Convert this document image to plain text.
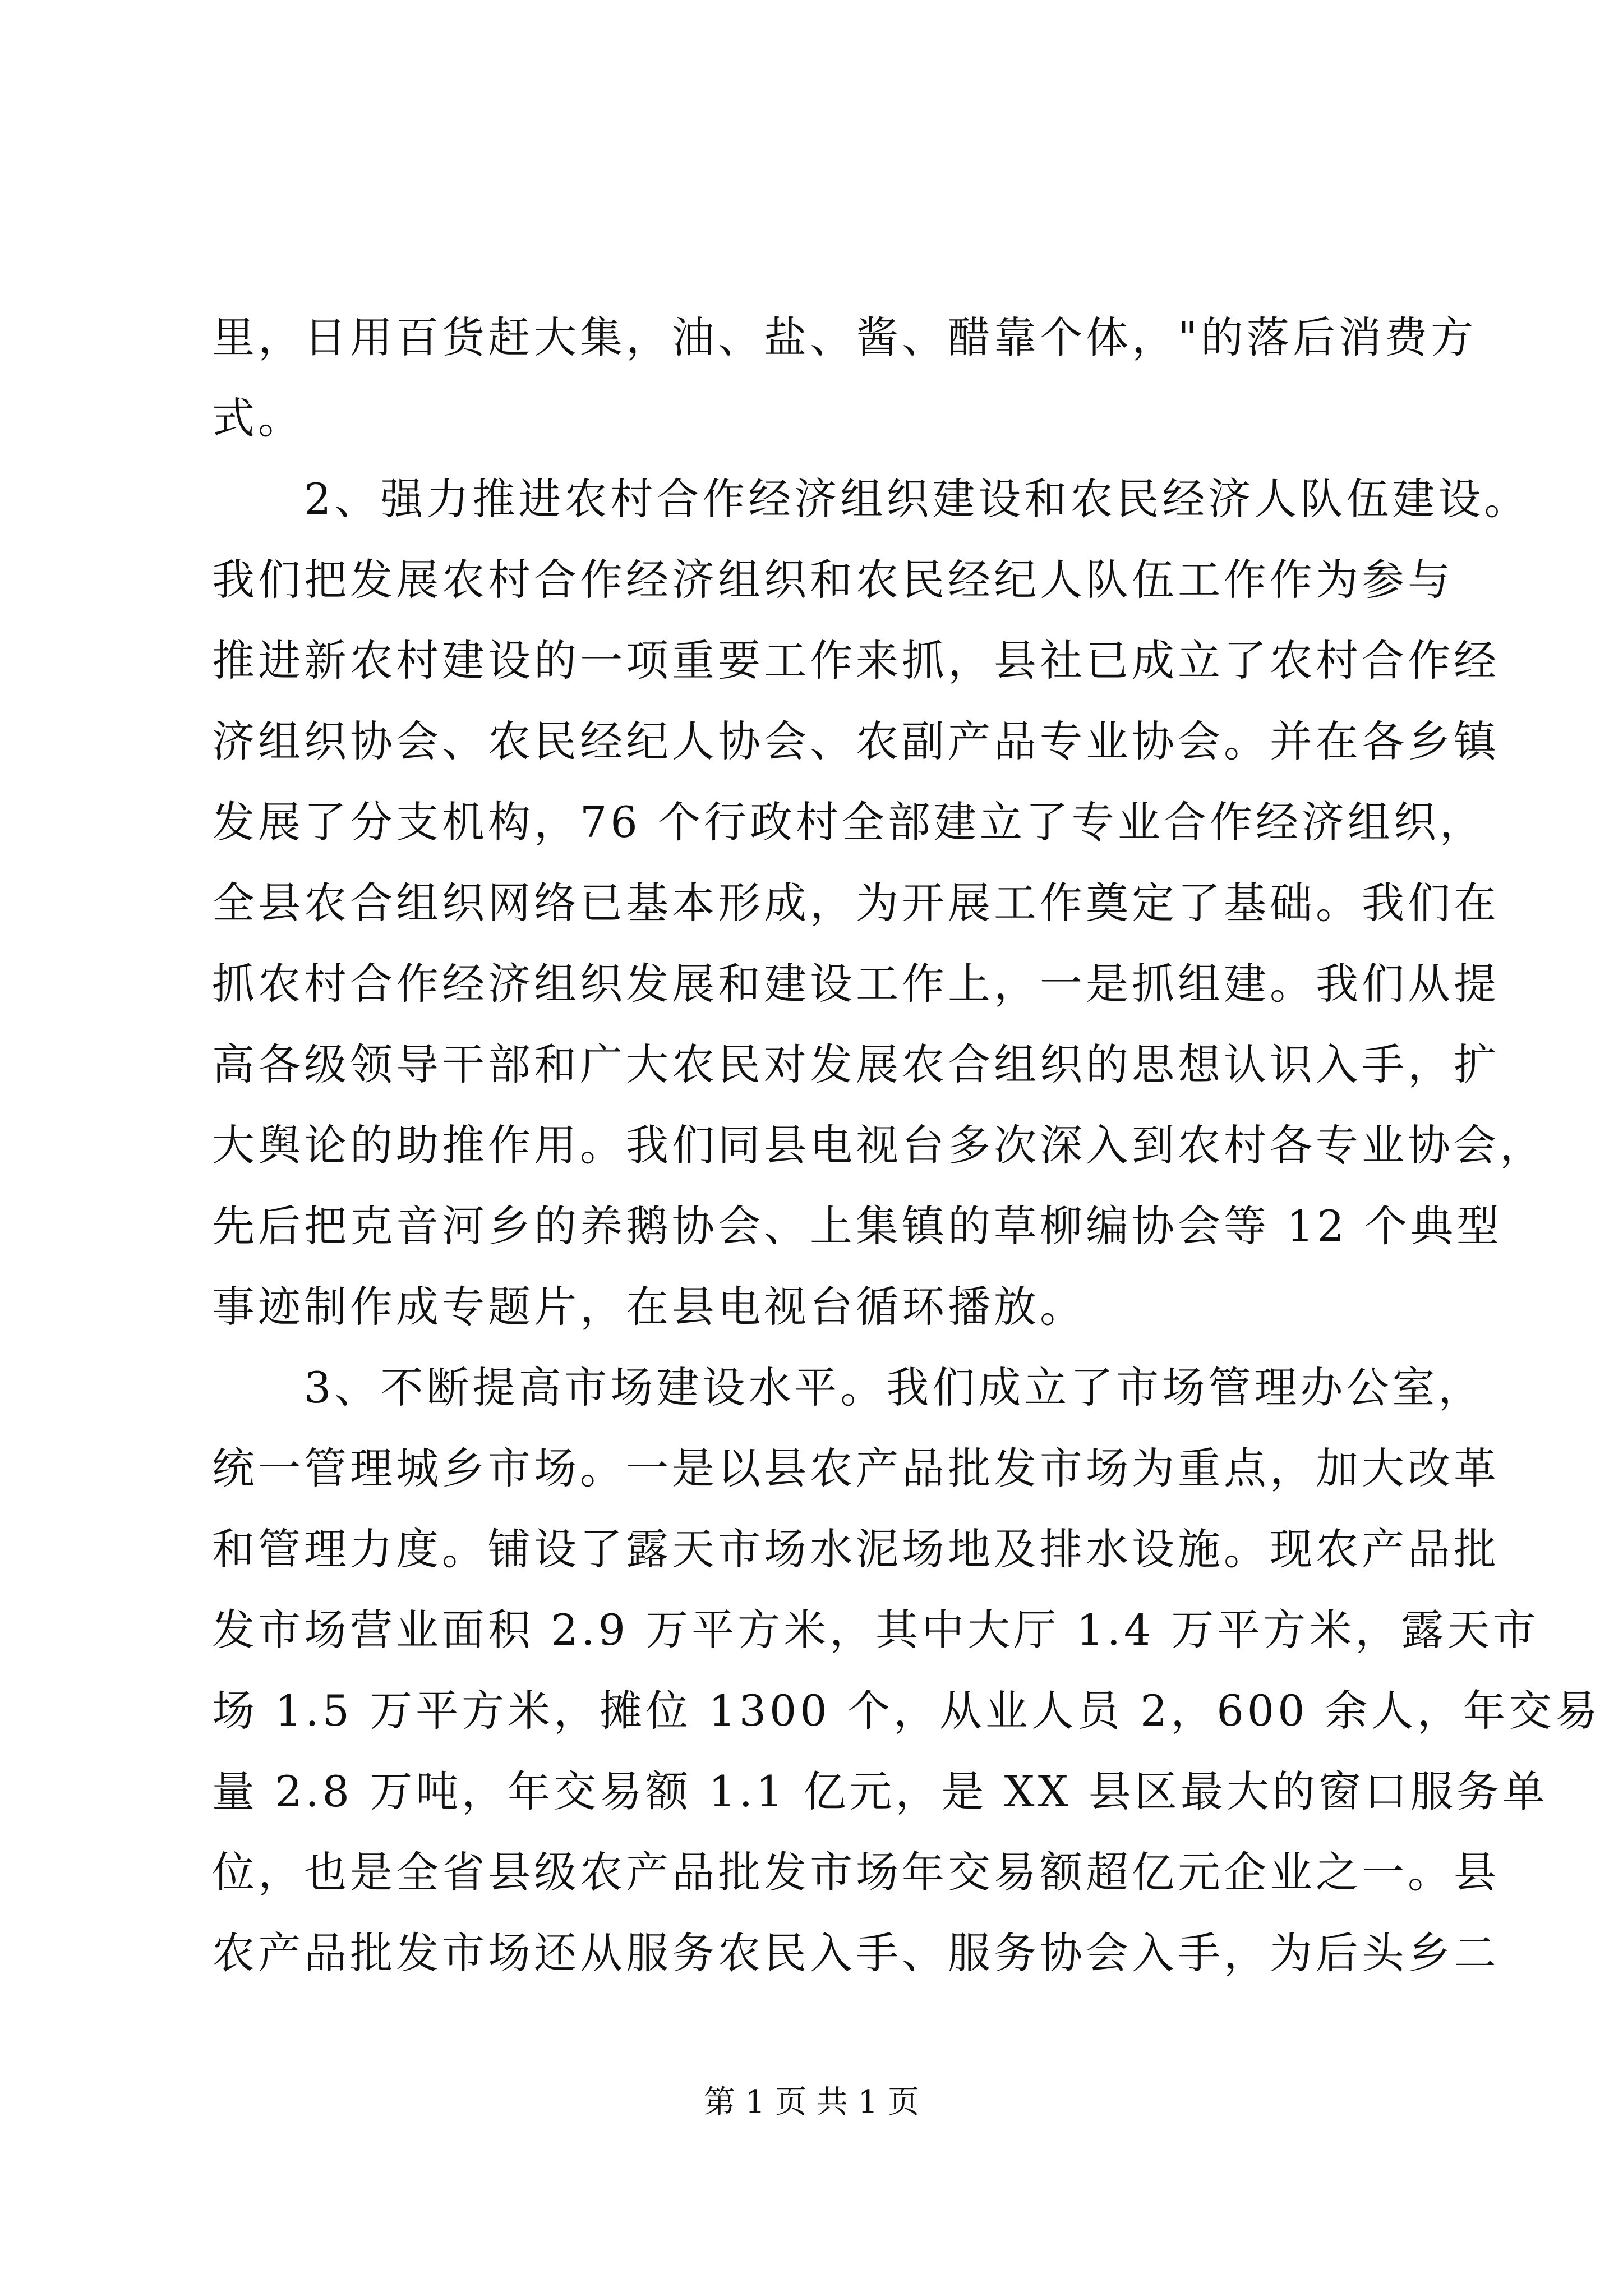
里，日用百货赶大集，油、盐、酱、醋靠个体，"的落后消费方
式。
　　2、强力推进农村合作经济组织建设和农民经济人队伍建设。
我们把发展农村合作经济组织和农民经纪人队伍工作作为参与
推进新农村建设的一项重要工作来抓，县社已成立了农村合作经
济组织协会、农民经纪人协会、农副产品专业协会。并在各乡镇
发展了分支机构，76 个行政村全部建立了专业合作经济组织，
全县农合组织网络已基本形成，为开展工作奠定了基础。我们在
抓农村合作经济组织发展和建设工作上，一是抓组建。我们从提
高各级领导干部和广大农民对发展农合组织的思想认识入手，扩
大舆论的助推作用。我们同县电视台多次深入到农村各专业协会，
先后把克音河乡的养鹅协会、上集镇的草柳编协会等 12 个典型
事迹制作成专题片，在县电视台循环播放。
　　3、不断提高市场建设水平。我们成立了市场管理办公室，
统一管理城乡市场。一是以县农产品批发市场为重点，加大改革
和管理力度。铺设了露天市场水泥场地及排水设施。现农产品批
发市场营业面积 2.9 万平方米，其中大厅 1.4 万平方米，露天市
场 1.5 万平方米，摊位 1300 个，从业人员 2，600 余人，年交易
量 2.8 万吨，年交易额 1.1 亿元，是 XX 县区最大的窗口服务单
位，也是全省县级农产品批发市场年交易额超亿元企业之一。县
农产品批发市场还从服务农民入手、服务协会入手，为后头乡二
第 1 页 共 1 页
